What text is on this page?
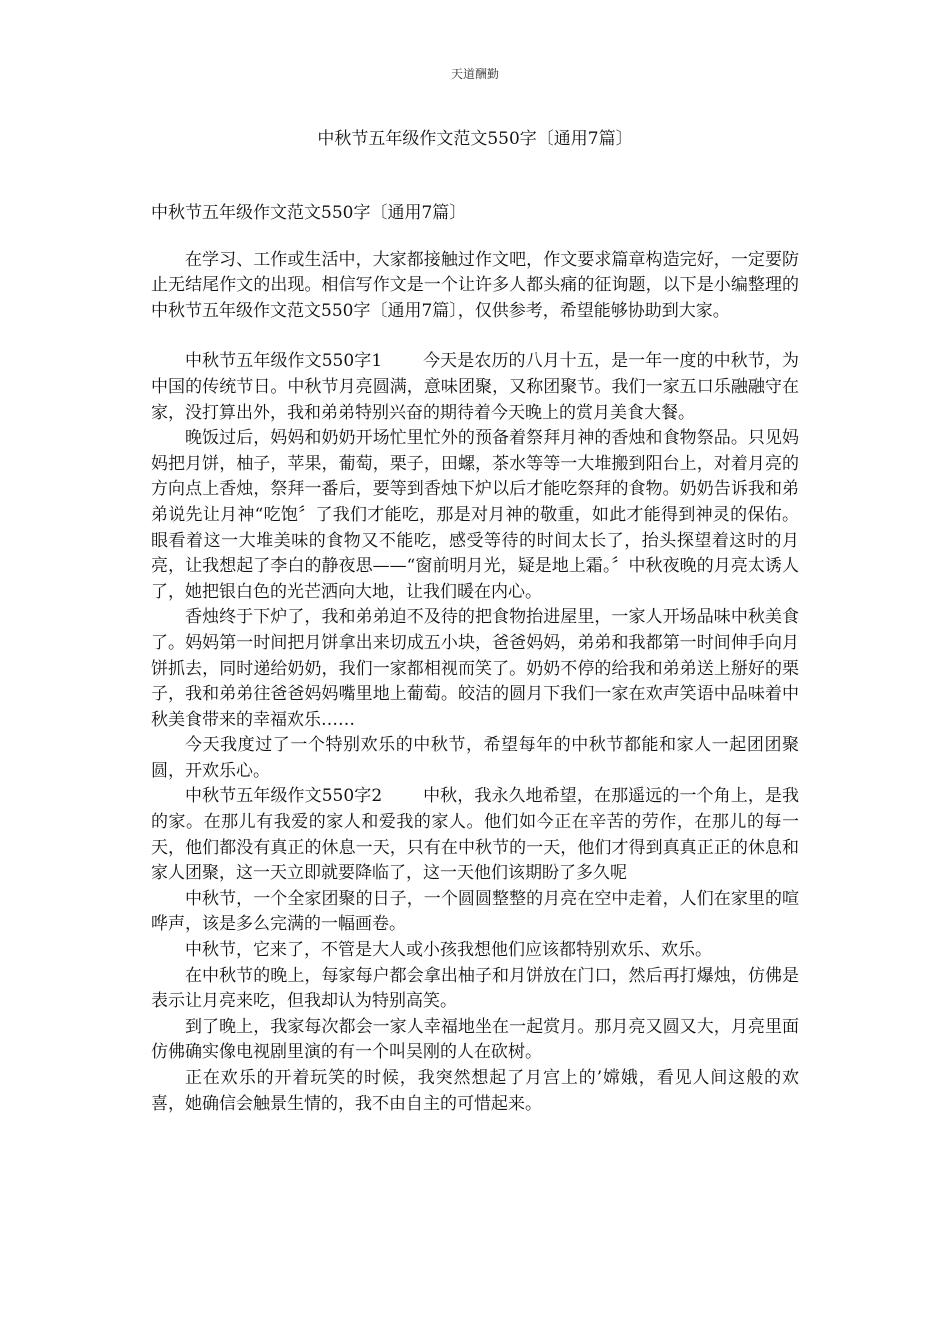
天道酬勤
中秋节五年级作文范文550字〔通用7篇〕

中秋节五年级作文范文550字〔通用7篇〕

在学习、工作或生活中，大家都接触过作文吧，作文要求篇章构造完好，一定要防止无结尾作文的出现。相信写作文是一个让许多人都头痛的征询题，以下是小编整理的中秋节五年级作文范文550字〔通用7篇〕，仅供参考，希望能够协助到大家。

中秋节五年级作文550字1 今天是农历的八月十五，是一年一度的中秋节，为中国的传统节日。中秋节月亮圆满，意味团聚，又称团聚节。我们一家五口乐融融守在家，没打算出外，我和弟弟特别兴奋的期待着今天晚上的赏月美食大餐。

晚饭过后，妈妈和奶奶开场忙里忙外的预备着祭拜月神的香烛和食物祭品。只见妈妈把月饼，柚子，苹果，葡萄，栗子，田螺，茶水等等一大堆搬到阳台上，对着月亮的方向点上香烛，祭拜一番后，要等到香烛下炉以后才能吃祭拜的食物。奶奶告诉我和弟弟说先让月神“吃饱〞了我们才能吃，那是对月神的敬重，如此才能得到神灵的保佑。眼看着这一大堆美味的食物又不能吃，感受等待的时间太长了，抬头探望着这时的月亮，让我想起了李白的静夜思——“窗前明月光，疑是地上霜。〞中秋夜晚的月亮太诱人了，她把银白色的光芒洒向大地，让我们暖在内心。

香烛终于下炉了，我和弟弟迫不及待的把食物抬进屋里，一家人开场品味中秋美食了。妈妈第一时间把月饼拿出来切成五小块，爸爸妈妈，弟弟和我都第一时间伸手向月饼抓去，同时递给奶奶，我们一家都相视而笑了。奶奶不停的给我和弟弟送上掰好的栗子，我和弟弟往爸爸妈妈嘴里地上葡萄。皎洁的圆月下我们一家在欢声笑语中品味着中秋美食带来的幸福欢乐……

今天我度过了一个特别欢乐的中秋节，希望每年的中秋节都能和家人一起团团聚圆，开欢乐心。

中秋节五年级作文550字2 中秋，我永久地希望，在那遥远的一个角上，是我的家。在那儿有我爱的家人和爱我的家人。他们如今正在辛苦的劳作，在那儿的每一天，他们都没有真正的休息一天，只有在中秋节的一天，他们才得到真真正正的休息和家人团聚，这一天立即就要降临了，这一天他们该期盼了多久呢

中秋节，一个全家团聚的日子，一个圆圆整整的月亮在空中走着，人们在家里的喧哗声，该是多么完满的一幅画卷。

中秋节，它来了，不管是大人或小孩我想他们应该都特别欢乐、欢乐。

在中秋节的晚上，每家每户都会拿出柚子和月饼放在门口，然后再打爆烛，仿佛是表示让月亮来吃，但我却认为特别高笑。

到了晚上，我家每次都会一家人幸福地坐在一起赏月。那月亮又圆又大，月亮里面仿佛确实像电视剧里演的有一个叫吴刚的人在砍树。

正在欢乐的开着玩笑的时候，我突然想起了月宫上的’嫦娥，看见人间这般的欢喜，她确信会触景生情的，我不由自主的可惜起来。
